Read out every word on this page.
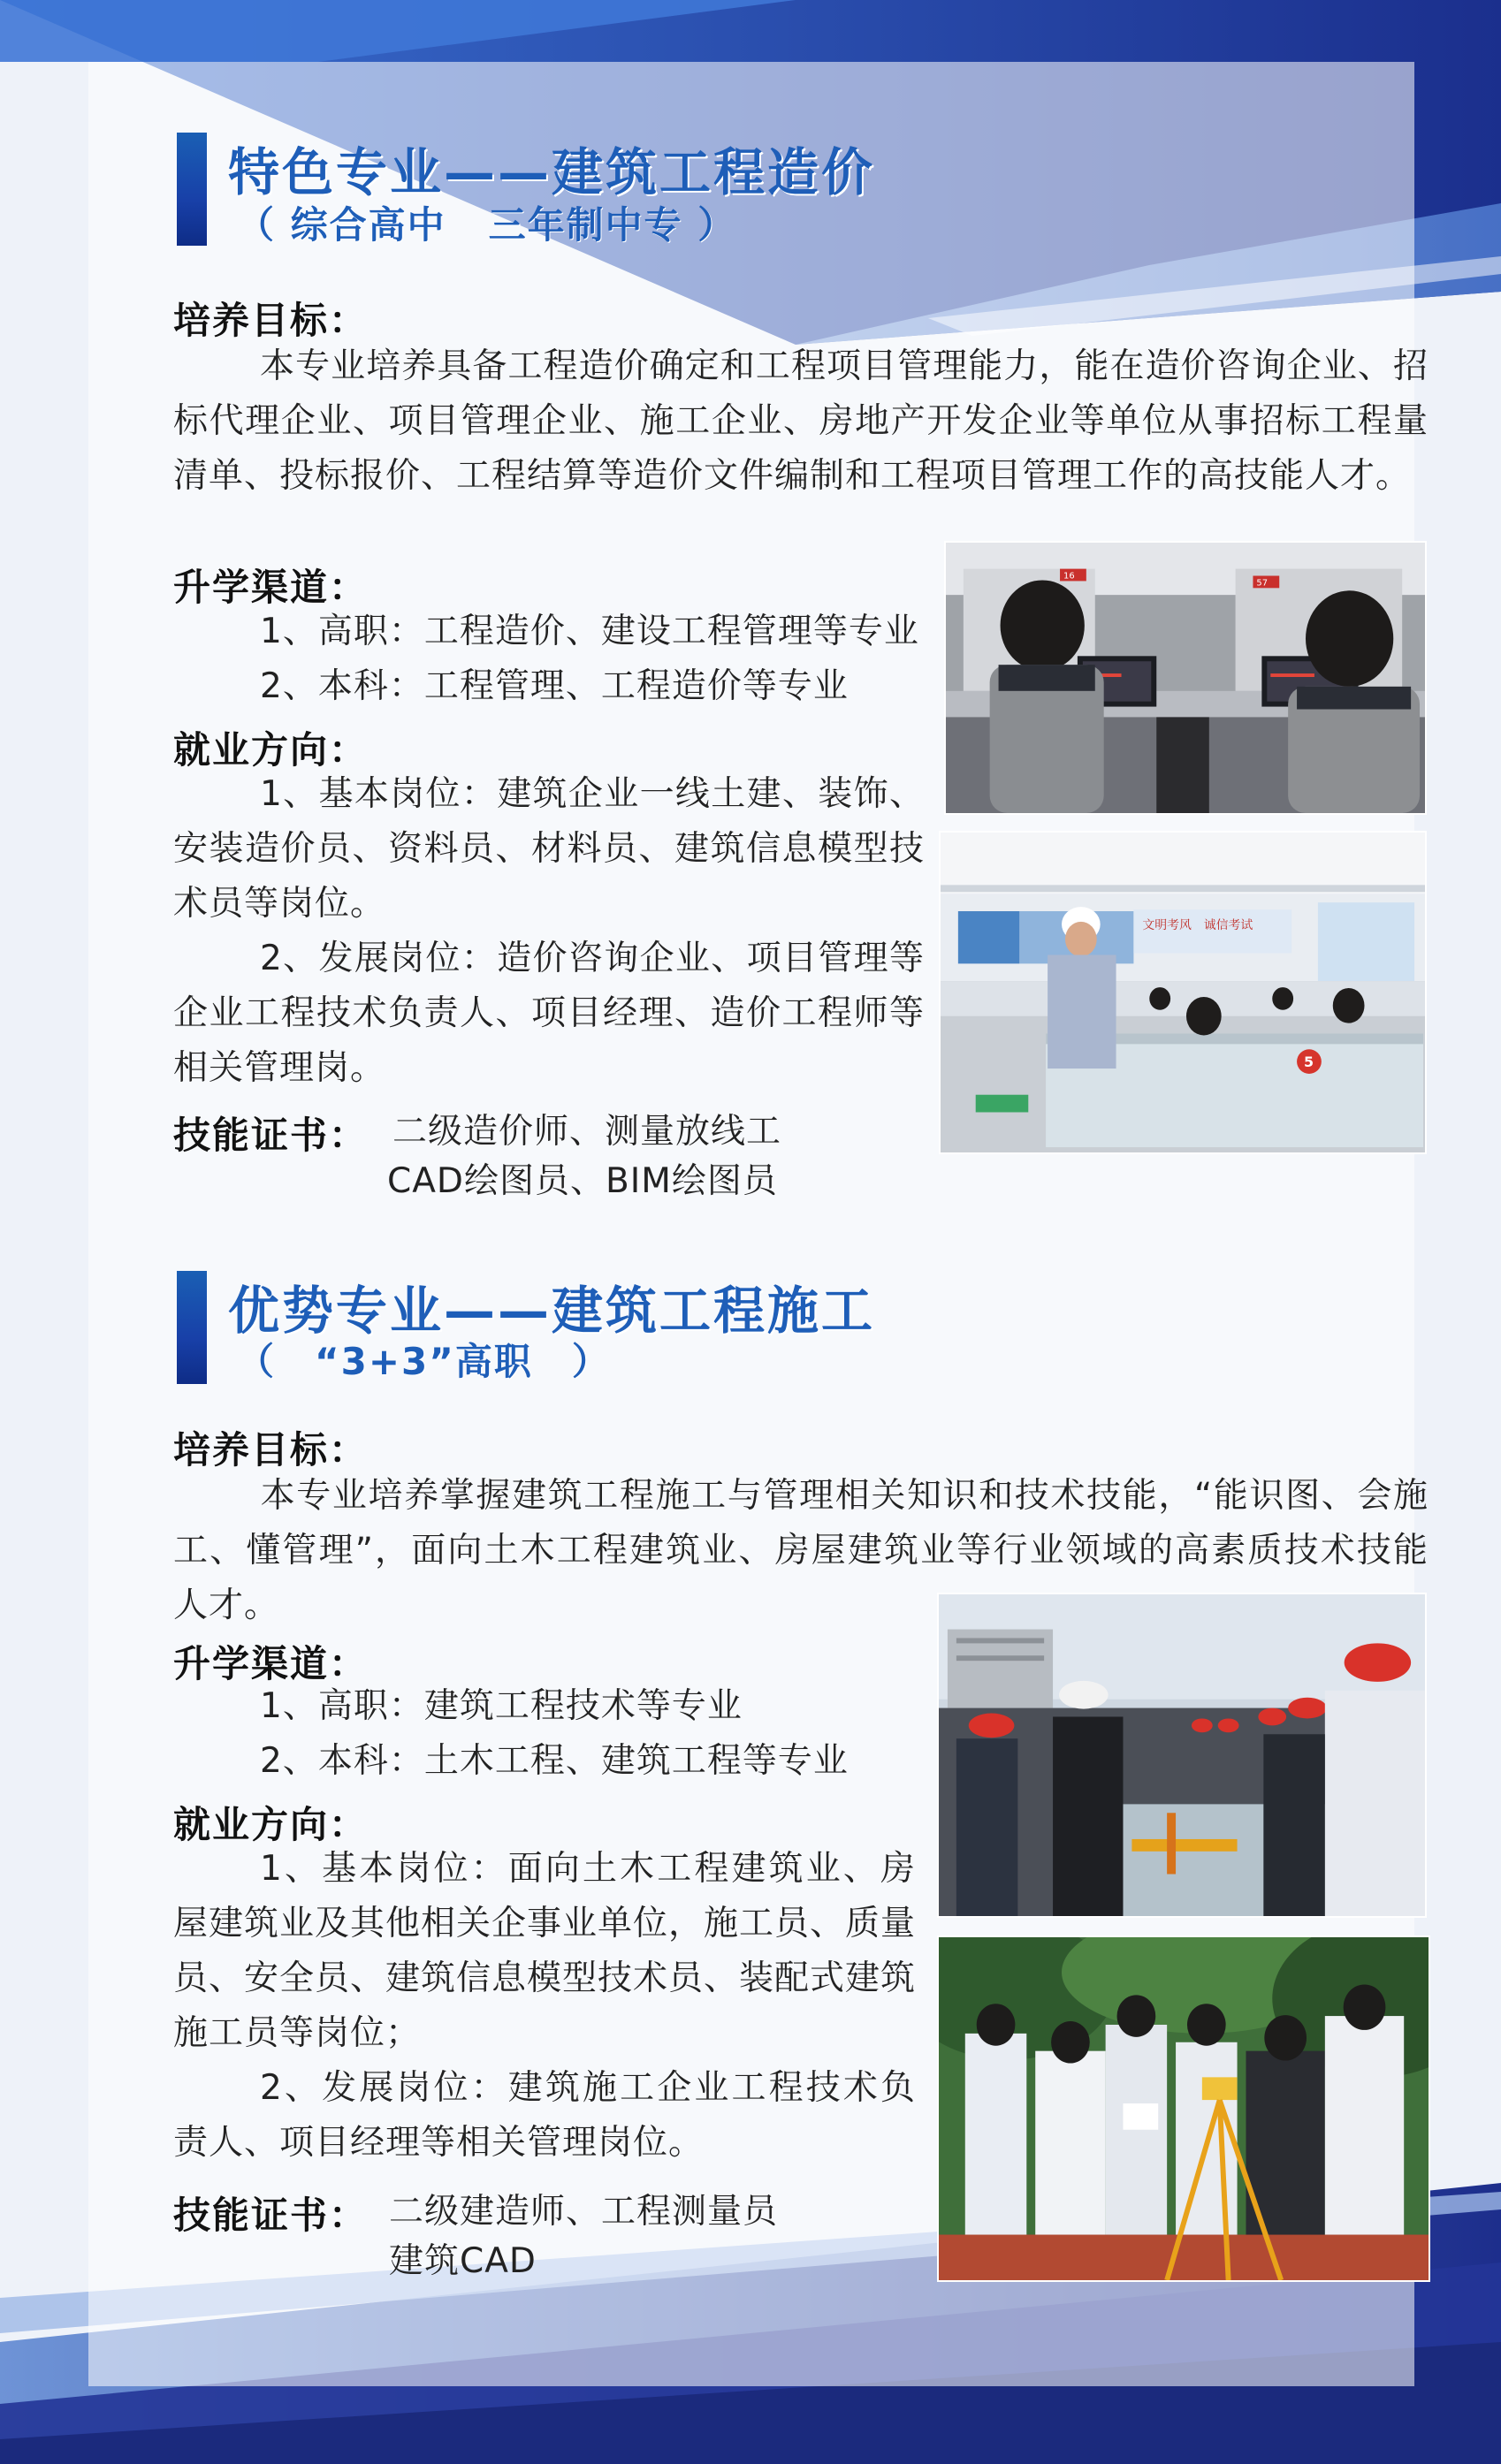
特色专业——建筑工程造价
（ 综合高中 三年制中专 ）
培养目标：

本专业培养具备工程造价确定和工程项目管理能力，能在造价咨询企业、招标代理企业、项目管理企业、施工企业、房地产开发企业等单位从事招标工程量清单、投标报价、工程结算等造价文件编制和工程项目管理工作的高技能人才。

升学渠道：
1、高职：工程造价、建设工程管理等专业
2、本科：工程管理、工程造价等专业
就业方向：

1、基本岗位：建筑企业一线土建、装饰、安装造价员、资料员、材料员、建筑信息模型技术员等岗位。

2、发展岗位：造价咨询企业、项目管理等企业工程技术负责人、项目经理、造价工程师等相关管理岗。

技能证书： 二级造价师、测量放线工
CAD绘图员、BIM绘图员
16
57
文明考风　诚信考试
5
优势专业——建筑工程施工
（　“3+3”高职　）
培养目标：

本专业培养掌握建筑工程施工与管理相关知识和技术技能，“能识图、会施工、懂管理”，面向土木工程建筑业、房屋建筑业等行业领域的高素质技术技能人才。

升学渠道：
1、高职：建筑工程技术等专业
2、本科：土木工程、建筑工程等专业
就业方向：

1、基本岗位：面向土木工程建筑业、房屋建筑业及其他相关企事业单位，施工员、质量员、安全员、建筑信息模型技术员、装配式建筑施工员等岗位；

2、发展岗位：建筑施工企业工程技术负责人、项目经理等相关管理岗位。

技能证书： 二级建造师、工程测量员
建筑CAD
